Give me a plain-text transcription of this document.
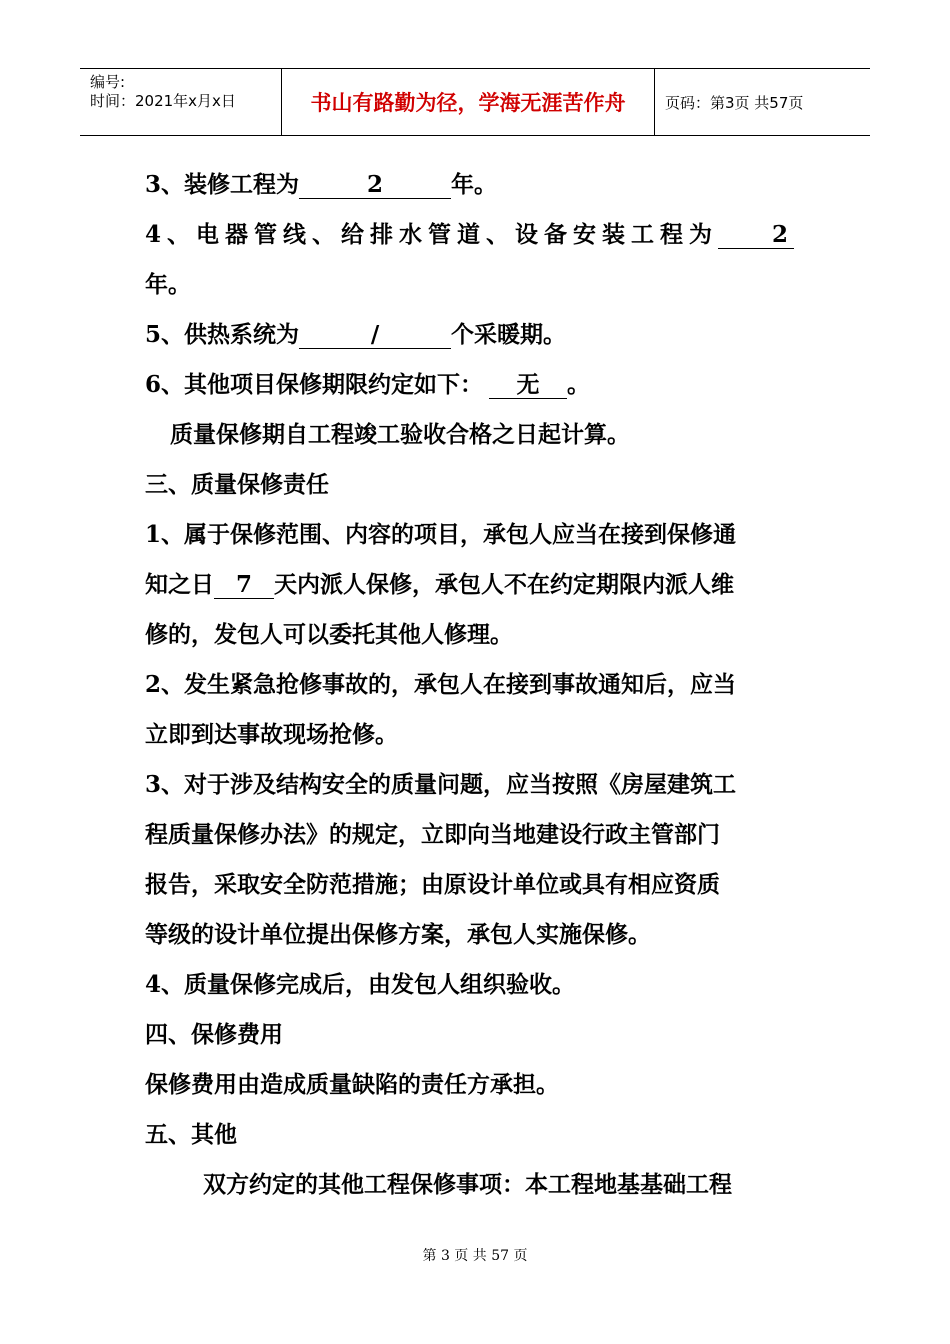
编号:
时间：2021年x月x日	书山有路勤为径，学海无涯苦作舟	页码：第3页 共57页
3、装修工程为	2	年。
4、电器管线、给排水管道、设备安装工程为 2
年。
5、供热系统为	/	个采暖期。
6、其他项目保修期限约定如下： 无 。
质量保修期自工程竣工验收合格之日起计算。
三、质量保修责任
1、属于保修范围、内容的项目，承包人应当在接到保修通
知之日 7 天内派人保修，承包人不在约定期限内派人维
修的，发包人可以委托其他人修理。
2、发生紧急抢修事故的，承包人在接到事故通知后，应当
立即到达事故现场抢修。
3、对于涉及结构安全的质量问题，应当按照《房屋建筑工
程质量保修办法》的规定，立即向当地建设行政主管部门
报告，采取安全防范措施；由原设计单位或具有相应资质
等级的设计单位提出保修方案，承包人实施保修。
4、质量保修完成后，由发包人组织验收。
四、保修费用
保修费用由造成质量缺陷的责任方承担。
五、其他
双方约定的其他工程保修事项：本工程地基基础工程
第 3 页 共 57 页
